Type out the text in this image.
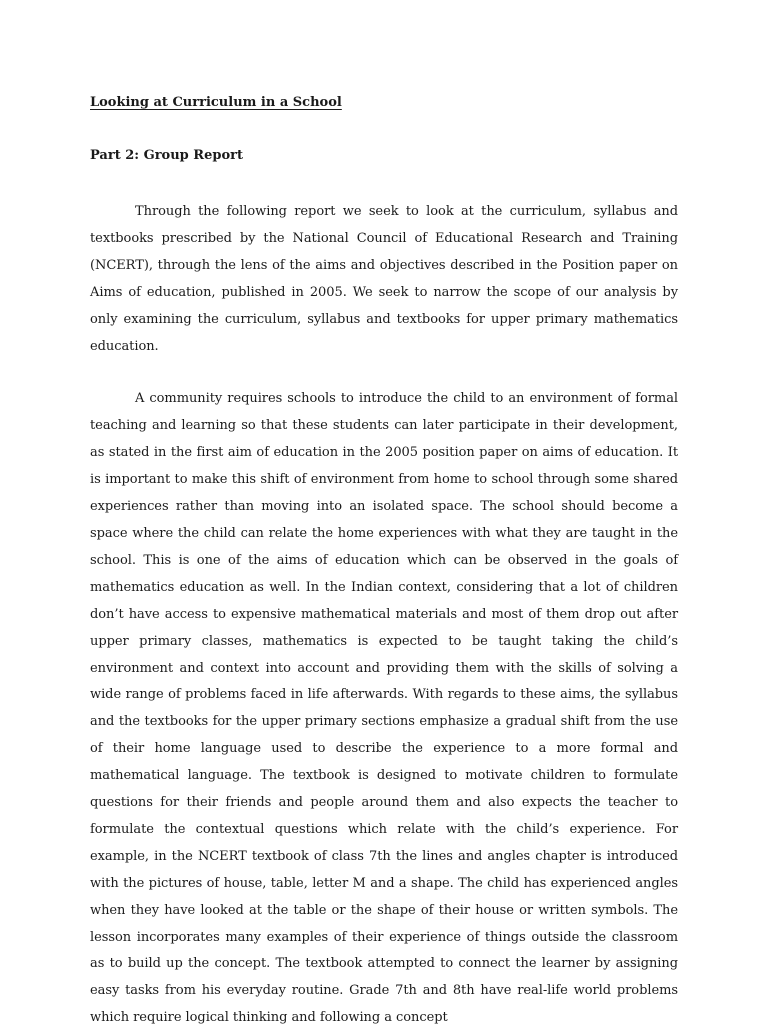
Looking at Curriculum in a School

Part 2: Group Report

Through the following report we seek to look at the curriculum, syllabus and textbooks prescribed by the National Council of Educational Research and Training (NCERT), through the lens of the aims and objectives described in the Position paper on Aims of education, published in 2005. We seek to narrow the scope of our analysis by only examining the curriculum, syllabus and textbooks for upper primary mathematics education.

A community requires schools to introduce the child to an environment of formal teaching and learning so that these students can later participate in their development, as stated in the first aim of education in the 2005 position paper on aims of education. It is important to make this shift of environment from home to school through some shared experiences rather than moving into an isolated space. The school should become a space where the child can relate the home experiences with what they are taught in the school. This is one of the aims of education which can be observed in the goals of mathematics education as well. In the Indian context, considering that a lot of children don’t have access to expensive mathematical materials and most of them drop out after upper primary classes, mathematics is expected to be taught taking the child’s environment and context into account and providing them with the skills of solving a wide range of problems faced in life afterwards. With regards to these aims, the syllabus and the textbooks for the upper primary sections emphasize a gradual shift from the use of their home language used to describe the experience to a more formal and mathematical language. The textbook is designed to motivate children to formulate questions for their friends and people around them and also expects the teacher to formulate the contextual questions which relate with the child’s experience. For example, in the NCERT textbook of class 7th the lines and angles chapter is introduced with the pictures of house, table, letter M and a shape. The child has experienced angles when they have looked at the table or the shape of their house or written symbols. The lesson incorporates many examples of their experience of things outside the classroom as to build up the concept. The textbook attempted to connect the learner by assigning easy tasks from his everyday routine. Grade 7th and 8th have real-life world problems which require logical thinking and following a concept
